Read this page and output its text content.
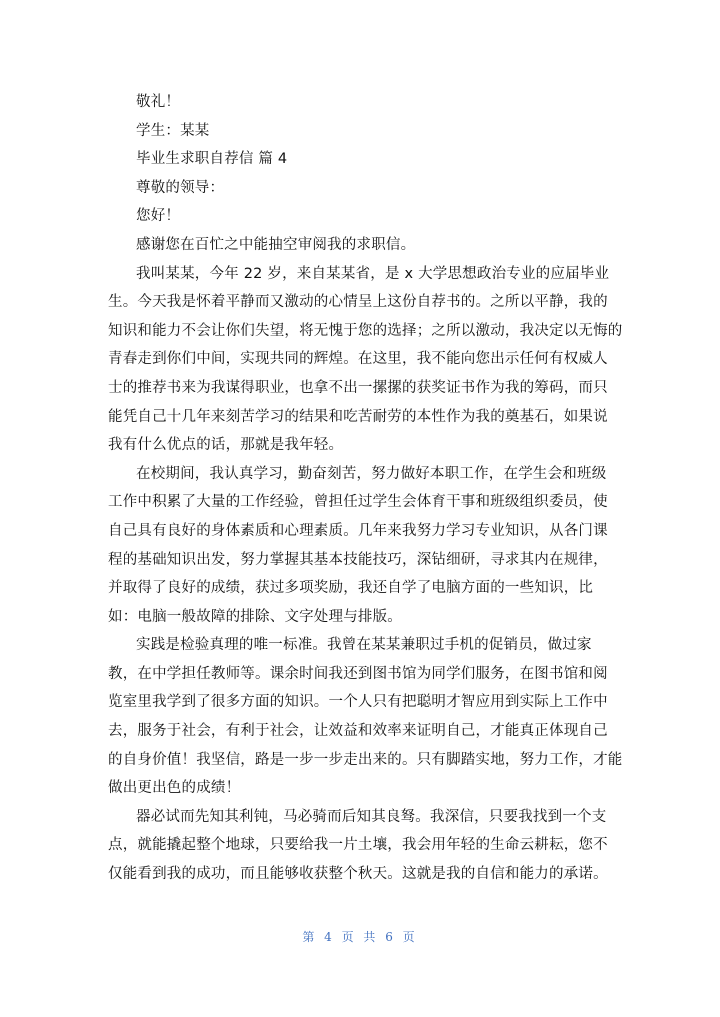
敬礼！
学生：某某
毕业生求职自荐信 篇 4
尊敬的领导：
您好！
感谢您在百忙之中能抽空审阅我的求职信。
我叫某某，今年 22 岁，来自某某省，是 x 大学思想政治专业的应届毕业
生。今天我是怀着平静而又激动的心情呈上这份自荐书的。之所以平静，我的
知识和能力不会让你们失望，将无愧于您的选择；之所以激动，我决定以无悔的
青春走到你们中间，实现共同的辉煌。在这里，我不能向您出示任何有权威人
士的推荐书来为我谋得职业，也拿不出一摞摞的获奖证书作为我的筹码，而只
能凭自己十几年来刻苦学习的结果和吃苦耐劳的本性作为我的奠基石，如果说
我有什么优点的话，那就是我年轻。
在校期间，我认真学习，勤奋刻苦，努力做好本职工作，在学生会和班级
工作中积累了大量的工作经验，曾担任过学生会体育干事和班级组织委员，使
自己具有良好的身体素质和心理素质。几年来我努力学习专业知识，从各门课
程的基础知识出发，努力掌握其基本技能技巧，深钻细研，寻求其内在规律，
并取得了良好的成绩，获过多项奖励，我还自学了电脑方面的一些知识，比
如：电脑一般故障的排除、文字处理与排版。
实践是检验真理的唯一标准。我曾在某某兼职过手机的促销员，做过家
教，在中学担任教师等。课余时间我还到图书馆为同学们服务，在图书馆和阅
览室里我学到了很多方面的知识。一个人只有把聪明才智应用到实际上工作中
去，服务于社会，有利于社会，让效益和效率来证明自己，才能真正体现自己
的自身价值！我坚信，路是一步一步走出来的。只有脚踏实地，努力工作，才能
做出更出色的成绩！
器必试而先知其利钝，马必骑而后知其良驽。我深信，只要我找到一个支
点，就能撬起整个地球，只要给我一片土壤，我会用年轻的生命云耕耘，您不
仅能看到我的成功，而且能够收获整个秋天。这就是我的自信和能力的承诺。
第 4 页 共 6 页
